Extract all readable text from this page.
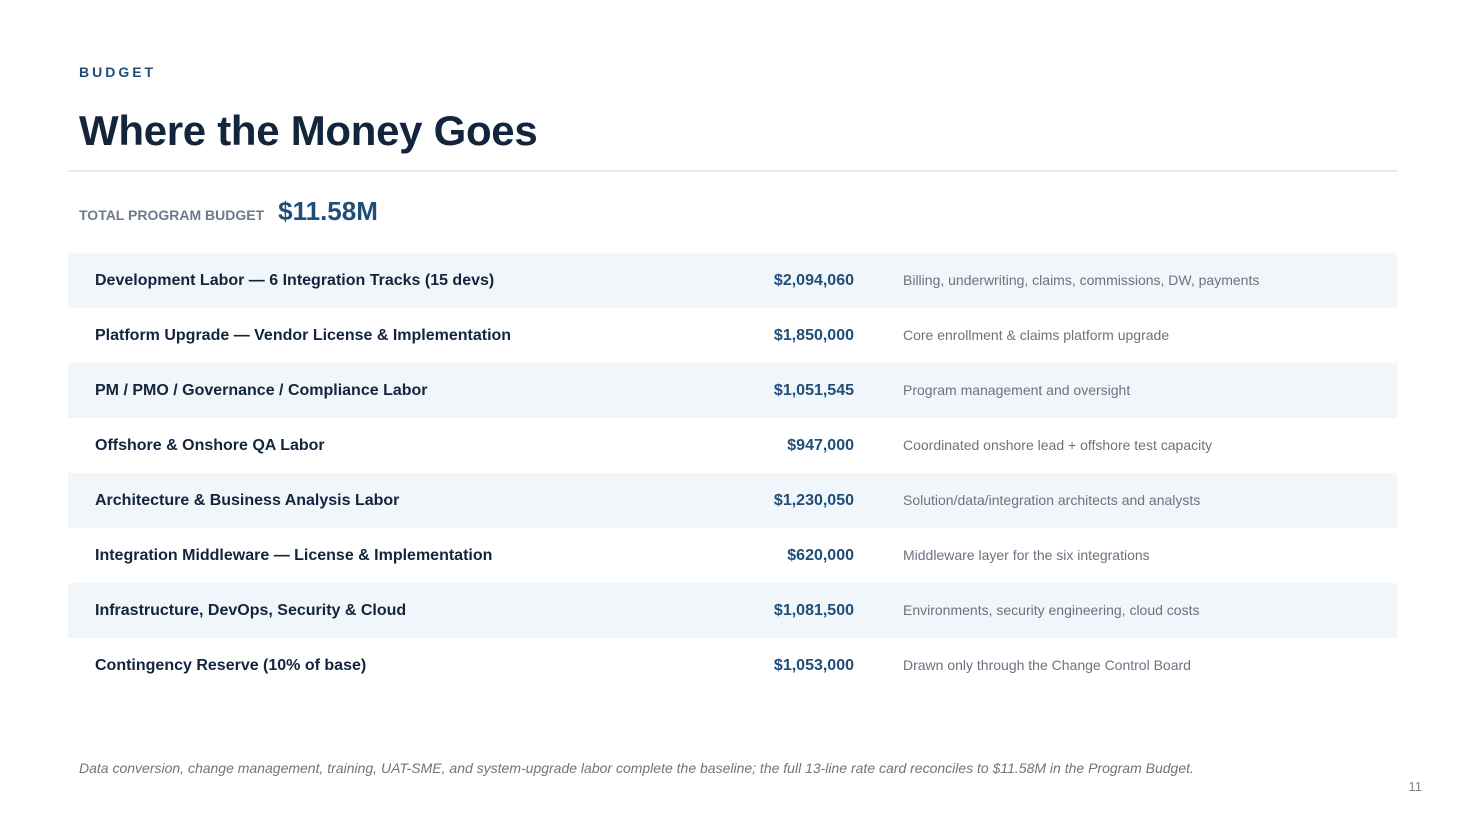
BUDGET
Where the Money Goes
TOTAL PROGRAM BUDGET $11.58M
Development Labor — 6 Integration Tracks (15 devs)	$2,094,060	Billing, underwriting, claims, commissions, DW, payments
Platform Upgrade — Vendor License & Implementation	$1,850,000	Core enrollment & claims platform upgrade
PM / PMO / Governance / Compliance Labor	$1,051,545	Program management and oversight
Offshore & Onshore QA Labor	$947,000	Coordinated onshore lead + offshore test capacity
Architecture & Business Analysis Labor	$1,230,050	Solution/data/integration architects and analysts
Integration Middleware — License & Implementation	$620,000	Middleware layer for the six integrations
Infrastructure, DevOps, Security & Cloud	$1,081,500	Environments, security engineering, cloud costs
Contingency Reserve (10% of base)	$1,053,000	Drawn only through the Change Control Board
Data conversion, change management, training, UAT-SME, and system-upgrade labor complete the baseline; the full 13-line rate card reconciles to $11.58M in the Program Budget.
11
